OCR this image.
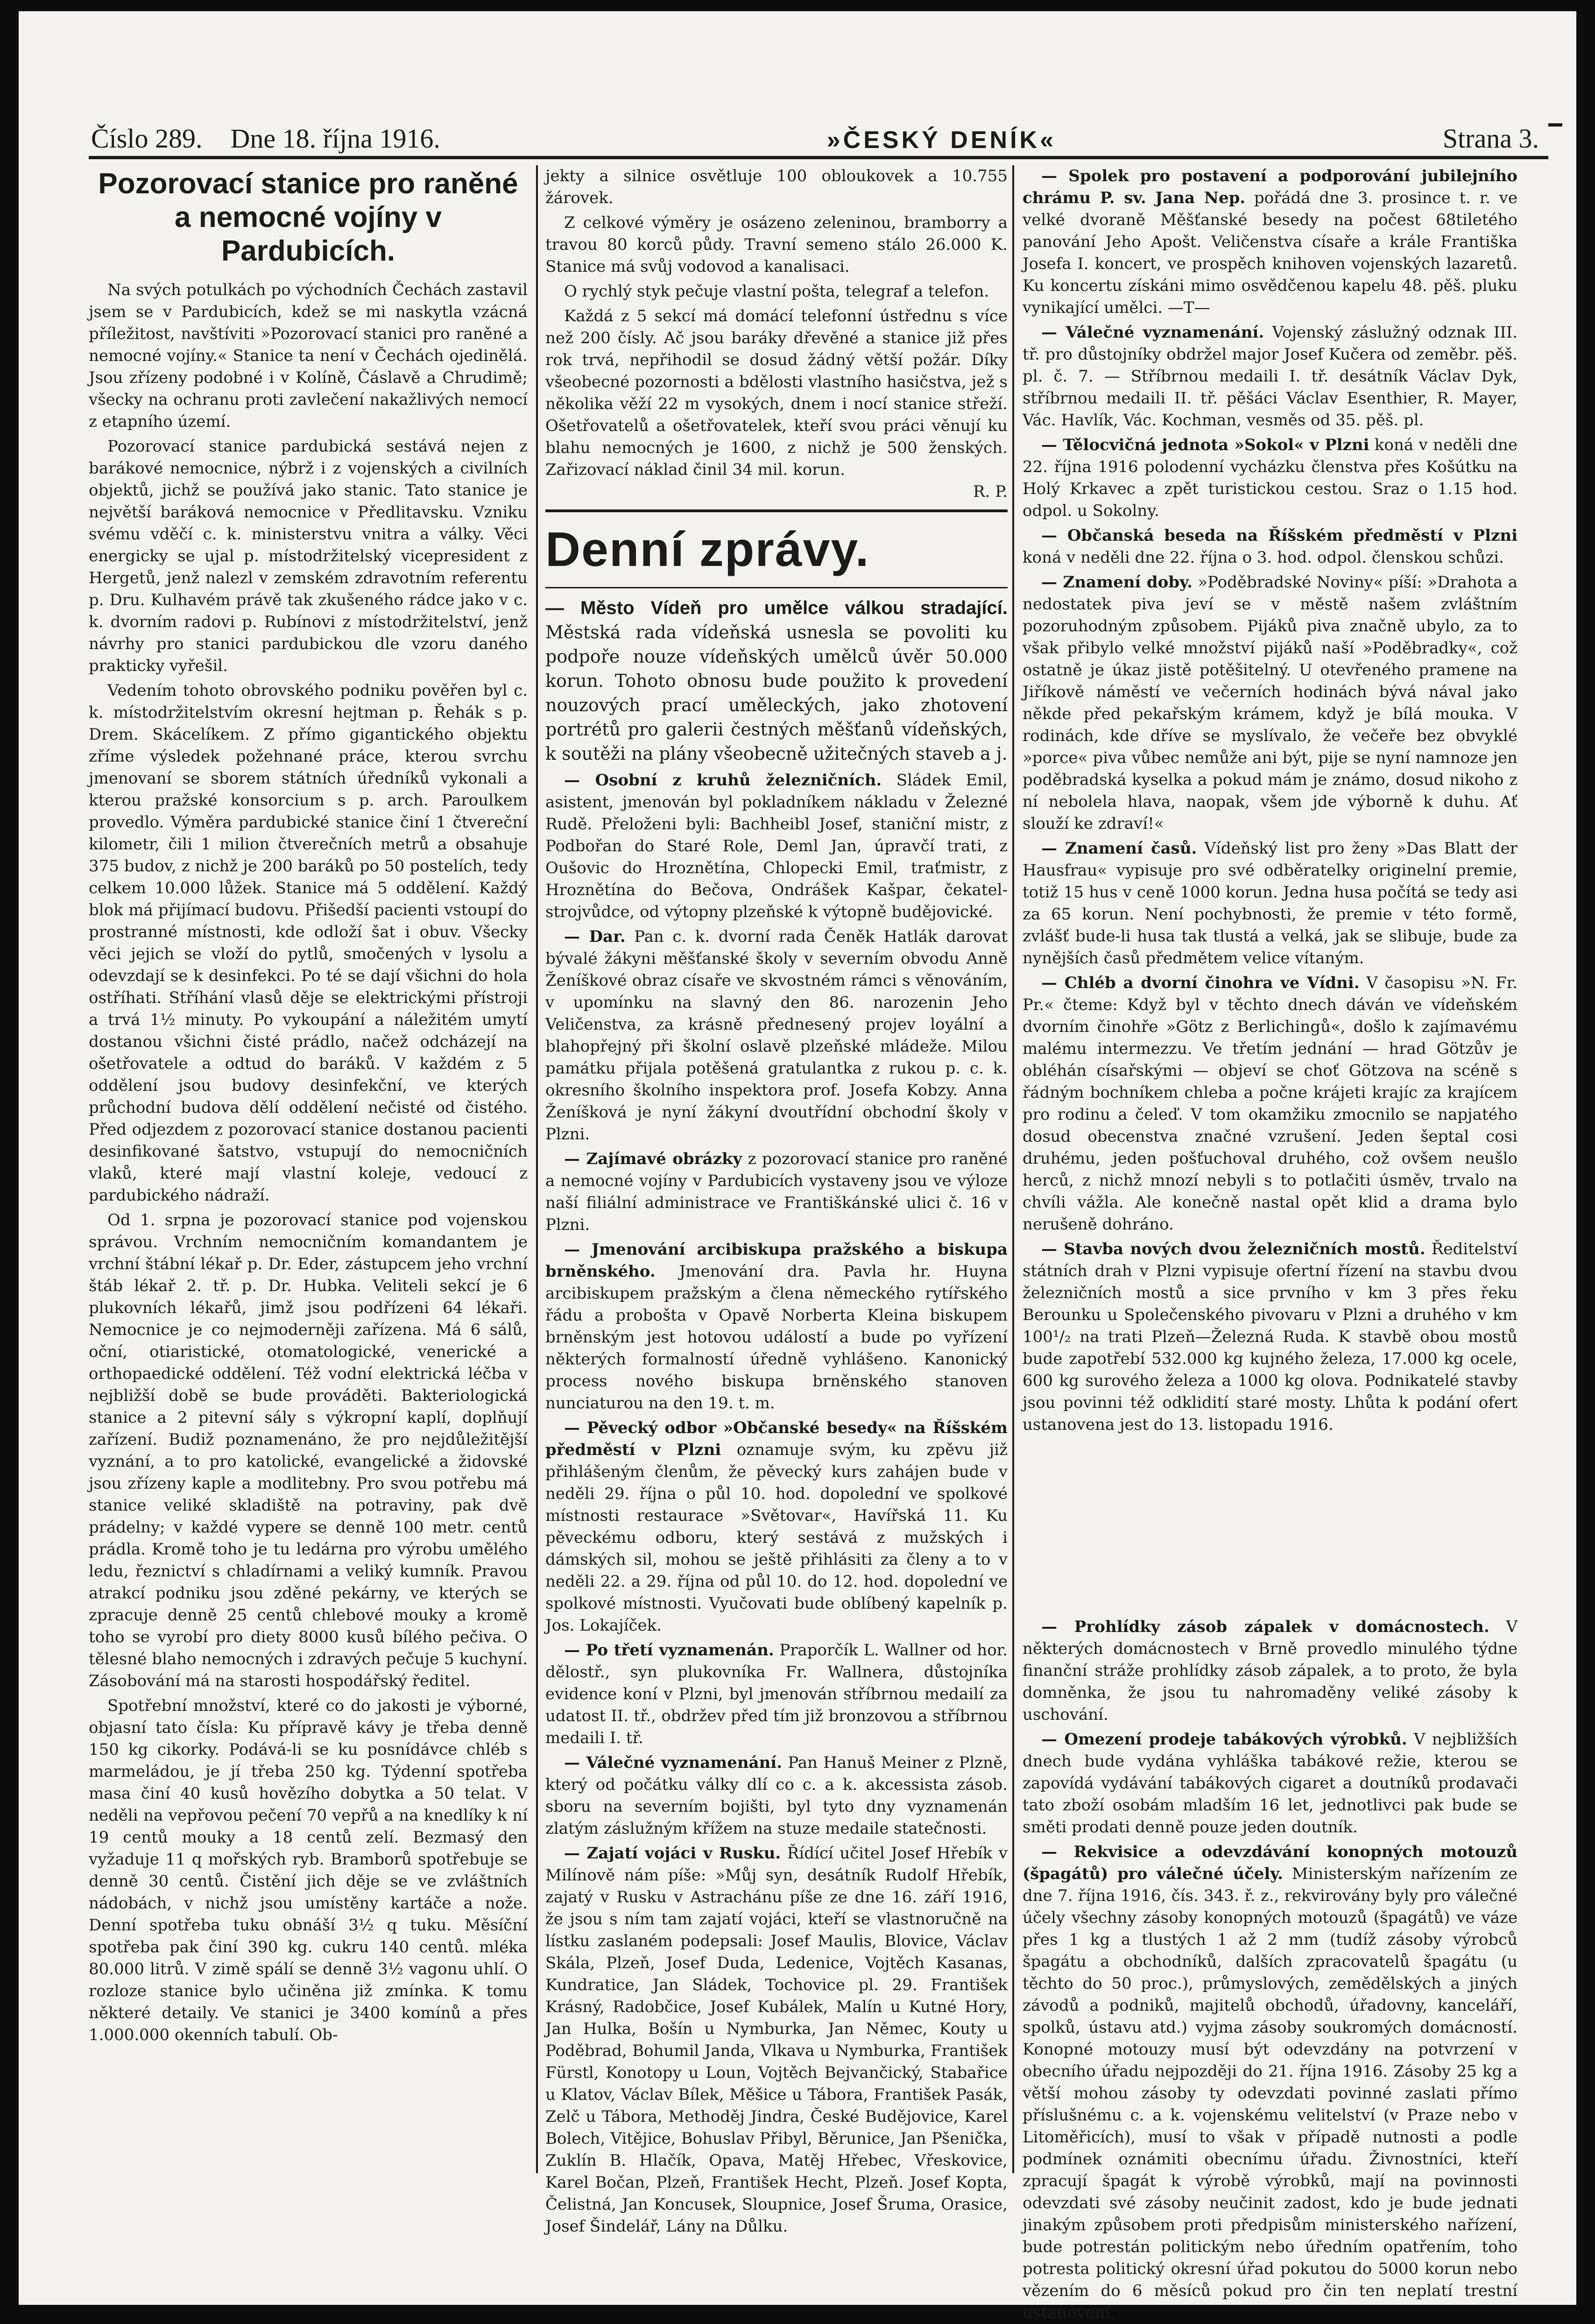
Číslo 289. Dne 18. října 1916.	»ČESKÝ DENÍK«	Strana 3.
Pozorovací stanice pro raněné a nemocné vojíny v Pardubicích.

Na svých potulkách po východních Čechách zastavil jsem se v Pardubicích, kdež se mi naskytla vzácná příležitost, navštíviti »Pozorovací stanici pro raněné a nemocné vojíny.« Stanice ta není v Čechách ojedinělá. Jsou zřízeny podobné i v Kolíně, Čáslavě a Chrudimě; všecky na ochranu proti zavlečení nakažlivých nemocí z etapního území.

Pozorovací stanice pardubická sestává nejen z barákové nemocnice, nýbrž i z vojenských a civilních objektů, jichž se používá jako stanic. Tato stanice je největší baráková nemocnice v Předlitavsku. Vzniku svému vděčí c. k. ministerstvu vnitra a války. Věci energicky se ujal p. místodržitelský vicepresident z Hergetů, jenž nalezl v zemském zdravotním referentu p. Dru. Kulhavém právě tak zkušeného rádce jako v c. k. dvorním radovi p. Rubínovi z místodržitelství, jenž návrhy pro stanici pardubickou dle vzoru daného prakticky vyřešil.

Vedením tohoto obrovského podniku pověřen byl c. k. místodržitelstvím okresní hejtman p. Řehák s p. Drem. Skácelíkem. Z přímo gigantického objektu zříme výsledek požehnané práce, kterou svrchu jmenovaní se sborem státních úředníků vykonali a kterou pražské konsorcium s p. arch. Paroulkem provedlo. Výměra pardubické stanice činí 1 čtvereční kilometr, čili 1 milion čtverečních metrů a obsahuje 375 budov, z nichž je 200 baráků po 50 postelích, tedy celkem 10.000 lůžek. Stanice má 5 oddělení. Každý blok má přijímací budovu. Přišedší pacienti vstoupí do prostranné místnosti, kde odloží šat i obuv. Všecky věci jejich se vloží do pytlů, smočených v lysolu a odevzdají se k desinfekci. Po té se dají všichni do hola ostříhati. Stříhání vlasů děje se elektrickými přístroji a trvá 1½ minuty. Po vykoupání a náležitém umytí dostanou všichni čisté prádlo, načež odcházejí na ošetřovatele a odtud do baráků. V každém z 5 oddělení jsou budovy desinfekční, ve kterých průchodní budova dělí oddělení nečisté od čistého. Před odjezdem z pozorovací stanice dostanou pacienti desinfikované šatstvo, vstupují do nemocničních vlaků, které mají vlastní koleje, vedoucí z pardubického nádraží.

Od 1. srpna je pozorovací stanice pod vojenskou správou. Vrchním nemocničním komandantem je vrchní štábní lékař p. Dr. Eder, zástupcem jeho vrchní štáb lékař 2. tř. p. Dr. Hubka. Veliteli sekcí je 6 plukovních lékařů, jimž jsou podřízeni 64 lékaři. Nemocnice je co nejmoderněji zařízena. Má 6 sálů, oční, otiaristické, otomatologické, venerické a orthopaedické oddělení. Též vodní elektrická léčba v nejbližší době se bude prováděti. Bakteriologická stanice a 2 pitevní sály s výkropní kaplí, doplňují zařízení. Budiž poznamenáno, že pro nejdůležitější vyznání, a to pro katolické, evangelické a židovské jsou zřízeny kaple a modlitebny. Pro svou potřebu má stanice veliké skladiště na potraviny, pak dvě prádelny; v každé vypere se denně 100 metr. centů prádla. Kromě toho je tu ledárna pro výrobu umělého ledu, řeznictví s chladírnami a veliký kumník. Pravou atrakcí podniku jsou zděné pekárny, ve kterých se zpracuje denně 25 centů chlebové mouky a kromě toho se vyrobí pro diety 8000 kusů bílého pečiva. O tělesné blaho nemocných i zdravých pečuje 5 kuchyní. Zásobování má na starosti hospodářský ředitel.

Spotřební množství, které co do jakosti je výborné, objasní tato čísla: Ku přípravě kávy je třeba denně 150 kg cikorky. Podává-li se ku posnídávce chléb s marmeládou, je jí třeba 250 kg. Týdenní spotřeba masa činí 40 kusů hovězího dobytka a 50 telat. V neděli na vepřovou pečení 70 vepřů a na knedlíky k ní 19 centů mouky a 18 centů zelí. Bezmasý den vyžaduje 11 q mořských ryb. Bramborů spotřebuje se denně 30 centů. Čistění jich děje se ve zvláštních nádobách, v nichž jsou umístěny kartáče a nože. Denní spotřeba tuku obnáší 3½ q tuku. Měsíční spotřeba pak činí 390 kg. cukru 140 centů. mléka 80.000 litrů. V zimě spálí se denně 3½ vagonu uhlí. O rozloze stanice bylo učiněna již zmínka. K tomu některé detaily. Ve stanici je 3400 komínů a přes 1.000.000 okenních tabulí. Ob-

jekty a silnice osvětluje 100 obloukovek a 10.755 žárovek.

Z celkové výměry je osázeno zeleninou, bramborry a travou 80 korců půdy. Travní semeno stálo 26.000 K. Stanice má svůj vodovod a kanalisaci.

O rychlý styk pečuje vlastní pošta, telegraf a telefon.

Každá z 5 sekcí má domácí telefonní ústřednu s více než 200 čísly. Ač jsou baráky dřevěné a stanice již přes rok trvá, nepřihodil se dosud žádný větší požár. Díky všeobecné pozornosti a bdělosti vlastního hasičstva, jež s několika věží 22 m vysokých, dnem i nocí stanice střeží. Ošetřovatelů a ošetřovatelek, kteří svou práci věnují ku blahu nemocných je 1600, z nichž je 500 ženských. Zařizovací náklad činil 34 mil. korun.

R. P.
Denní zprávy.
— Město Vídeň pro umělce válkou stradající. Městská rada vídeňská usnesla se povoliti ku podpoře nouze vídeňských umělců úvěr 50.000 korun. Tohoto obnosu bude použito k provedení nouzových prací uměleckých, jako zhotovení portrétů pro galerii čestných měšťanů vídeňských, k soutěži na plány všeobecně užitečných staveb a j.

— Osobní z kruhů železničních. Sládek Emil, asistent, jmenován byl pokladníkem nákladu v Železné Rudě. Přeloženi byli: Bachheibl Josef, staniční mistr, z Podbořan do Staré Role, Deml Jan, úpravčí trati, z Oušovic do Hroznětína, Chlopecki Emil, traťmistr, z Hroznětína do Bečova, Ondrášek Kašpar, čekatel-strojvůdce, od výtopny plzeňské k výtopně budějovické.

— Dar. Pan c. k. dvorní rada Čeněk Hatlák darovat bývalé žákyni měšťanské školy v severním obvodu Anně Ženíškové obraz císaře ve skvostném rámci s věnováním, v upomínku na slavný den 86. narozenin Jeho Veličenstva, za krásně přednesený projev loyální a blahopřejný při školní oslavě plzeňské mládeže. Milou památku přijala potěšená gratulantka z rukou p. c. k. okresního školního inspektora prof. Josefa Kobzy. Anna Ženíšková je nyní žákyní dvoutřídní obchodní školy v Plzni.

— Zajímavé obrázky z pozorovací stanice pro raněné a nemocné vojíny v Pardubicích vystaveny jsou ve výloze naší filiální administrace ve Františkánské ulici č. 16 v Plzni.

— Jmenování arcibiskupa pražského a biskupa brněnského. Jmenování dra. Pavla hr. Huyna arcibiskupem pražským a člena německého rytířského řádu a probošta v Opavě Norberta Kleina biskupem brněnským jest hotovou událostí a bude po vyřízení některých formalností úředně vyhlášeno. Kanonický process nového biskupa brněnského stanoven nunciaturou na den 19. t. m.

— Pěvecký odbor »Občanské besedy« na Říšském předměstí v Plzni oznamuje svým, ku zpěvu již přihlášeným členům, že pěvecký kurs zahájen bude v neděli 29. října o půl 10. hod. dopolední ve spolkové místnosti restaurace »Světovar«, Havířská 11. Ku pěveckému odboru, který sestává z mužských i dámských sil, mohou se ještě přihlásiti za členy a to v neděli 22. a 29. října od půl 10. do 12. hod. dopolední ve spolkové místnosti. Vyučovati bude oblíbený kapelník p. Jos. Lokajíček.

— Po třetí vyznamenán. Praporčík L. Wallner od hor. dělostř., syn plukovníka Fr. Wallnera, důstojníka evidence koní v Plzni, byl jmenován stříbrnou medailí za udatost II. tř., obdržev před tím již bronzovou a stříbrnou medaili I. tř.

— Válečné vyznamenání. Pan Hanuš Meiner z Plzně, který od počátku války dlí co c. a k. akcessista zásob. sboru na severním bojišti, byl tyto dny vyznamenán zlatým záslužným křížem na stuze medaile statečnosti.

— Zajatí vojáci v Rusku. Řídící učitel Josef Hřebík v Milínově nám píše: »Můj syn, desátník Rudolf Hřebík, zajatý v Rusku v Astrachánu píše ze dne 16. září 1916, že jsou s ním tam zajatí vojáci, kteří se vlastnoručně na lístku zaslaném podepsali: Josef Maulis, Blovice, Václav Skála, Plzeň, Josef Duda, Ledenice, Vojtěch Kasanas, Kundratice, Jan Sládek, Tochovice pl. 29. František Krásný, Radobčice, Josef Kubálek, Malín u Kutné Hory, Jan Hulka, Bošín u Nymburka, Jan Němec, Kouty u Poděbrad, Bohumil Janda, Vlkava u Nymburka, František Fürstl, Konotopy u Loun, Vojtěch Bejvančický, Stabařice u Klatov, Václav Bílek, Měšice u Tábora, František Pasák, Zelč u Tábora, Methoděj Jindra, České Budějovice, Karel Bolech, Vitějice, Bohuslav Přibyl, Běrunice, Jan Pšenička, Zuklín B. Hlačík, Opava, Matěj Hřebec, Vřeskovice, Karel Bočan, Plzeň, František Hecht, Plzeň. Josef Kopta, Čelistná, Jan Koncusek, Sloupnice, Josef Šruma, Orasice, Josef Šindelář, Lány na Důlku.

— Spolek pro postavení a podporování jubilejního chrámu P. sv. Jana Nep. pořádá dne 3. prosince t. r. ve velké dvoraně Měšťanské besedy na počest 68tiletého panování Jeho Apošt. Veličenstva císaře a krále Františka Josefa I. koncert, ve prospěch knihoven vojenských lazaretů. Ku koncertu získáni mimo osvědčenou kapelu 48. pěš. pluku vynikající umělci. —T—

— Válečné vyznamenání. Vojenský záslužný odznak III. tř. pro důstojníky obdržel major Josef Kučera od zeměbr. pěš. pl. č. 7. — Stříbrnou medaili I. tř. desátník Václav Dyk, stříbrnou medaili II. tř. pěšáci Václav Esenthier, R. Mayer, Vác. Havlík, Vác. Kochman, vesměs od 35. pěš. pl.

— Tělocvičná jednota »Sokol« v Plzni koná v neděli dne 22. října 1916 polodenní vycházku členstva přes Košútku na Holý Krkavec a zpět turistickou cestou. Sraz o 1.15 hod. odpol. u Sokolny.

— Občanská beseda na Říšském předměstí v Plzni koná v neděli dne 22. října o 3. hod. odpol. členskou schůzi.

— Znamení doby. »Poděbradské Noviny« píší: »Drahota a nedostatek piva jeví se v městě našem zvláštním pozoruhodným způsobem. Pijáků piva značně ubylo, za to však přibylo velké množství pijáků naší »Poděbradky«, což ostatně je úkaz jistě potěšitelný. U otevřeného pramene na Jiříkově náměstí ve večerních hodinách bývá nával jako někde před pekařským krámem, když je bílá mouka. V rodinách, kde dříve se myslívalo, že večeře bez obvyklé »porce« piva vůbec nemůže ani být, pije se nyní namnoze jen poděbradská kyselka a pokud mám je známo, dosud nikoho z ní nebolela hlava, naopak, všem jde výborně k duhu. Ať slouží ke zdraví!«

— Znamení časů. Vídeňský list pro ženy »Das Blatt der Hausfrau« vypisuje pro své odběratelky originelní premie, totiž 15 hus v ceně 1000 korun. Jedna husa počítá se tedy asi za 65 korun. Není pochybnosti, že premie v této formě, zvlášť bude-li husa tak tlustá a velká, jak se slibuje, bude za nynějších časů předmětem velice vítaným.

— Chléb a dvorní činohra ve Vídni. V časopisu »N. Fr. Pr.« čteme: Když byl v těchto dnech dáván ve vídeňském dvorním činohře »Götz z Berlichingů«, došlo k zajímavému malému intermezzu. Ve třetím jednání — hrad Götzův je obléhán císařskými — objeví se choť Götzova na scéně s řádným bochníkem chleba a počne krájeti krajíc za krajícem pro rodinu a čeleď. V tom okamžiku zmocnilo se napjatého dosud obecenstva značné vzrušení. Jeden šeptal cosi druhému, jeden pošťuchoval druhého, což ovšem neušlo herců, z nichž mnozí nebyli s to potlačiti úsměv, trvalo na chvíli vážla. Ale konečně nastal opět klid a drama bylo nerušeně dohráno.

— Stavba nových dvou železničních mostů. Ředitelství státních drah v Plzni vypisuje ofertní řízení na stavbu dvou železničních mostů a sice prvního v km 3 přes řeku Berounku u Společenského pivovaru v Plzni a druhého v km 100¹/₂ na trati Plzeň—Železná Ruda. K stavbě obou mostů bude zapotřebí 532.000 kg kujného železa, 17.000 kg ocele, 600 kg surového železa a 1000 kg olova. Podnikatelé stavby jsou povinni též odklidití staré mosty. Lhůta k podání ofert ustanovena jest do 13. listopadu 1916.

— Prohlídky zásob zápalek v domácnostech. V některých domácnostech v Brně provedlo minulého týdne finanční stráže prohlídky zásob zápalek, a to proto, že byla domněnka, že jsou tu nahromaděny veliké zásoby k uschování.

— Omezení prodeje tabákových výrobků. V nejbližších dnech bude vydána vyhláška tabákové režie, kterou se zapovídá vydávání tabákových cigaret a doutníků prodavači tato zboží osobám mladším 16 let, jednotlivci pak bude se směti prodati denně pouze jeden doutník.

— Rekvisice a odevzdávání konopných motouzů (špagátů) pro válečné účely. Ministerským nařízením ze dne 7. října 1916, čís. 343. ř. z., rekvirovány byly pro válečné účely všechny zásoby konopných motouzů (špagátů) ve váze přes 1 kg a tlustých 1 až 2 mm (tudíž zásoby výrobců špagátu a obchodníků, dalších zpracovatelů špagátu (u těchto do 50 proc.), průmyslových, zemědělských a jiných závodů a podniků, majitelů obchodů, úřadovny, kanceláří, spolků, ústavu atd.) vyjma zásoby soukromých domácností. Konopné motouzy musí být odevzdány na potvrzení v obecního úřadu nejpozději do 21. října 1916. Zásoby 25 kg a větší mohou zásoby ty odevzdati povinné zaslati přímo příslušnému c. a k. vojenskému velitelství (v Praze nebo v Litoměřicích), musí to však v případě nutnosti a podle podmínek oznámiti obecnímu úřadu. Živnostníci, kteří zpracují špagát k výrobě výrobků, mají na povinnosti odevzdati své zásoby neučinit zadost, kdo je bude jednati jinakým způsobem proti předpisům ministerského nařízení, bude potrestán politickým nebo úředním opatřením, toho potresta politický okresní úřad pokutou do 5000 korun nebo vězením do 6 měsíců pokud pro čin ten neplatí trestní ustanovení.
